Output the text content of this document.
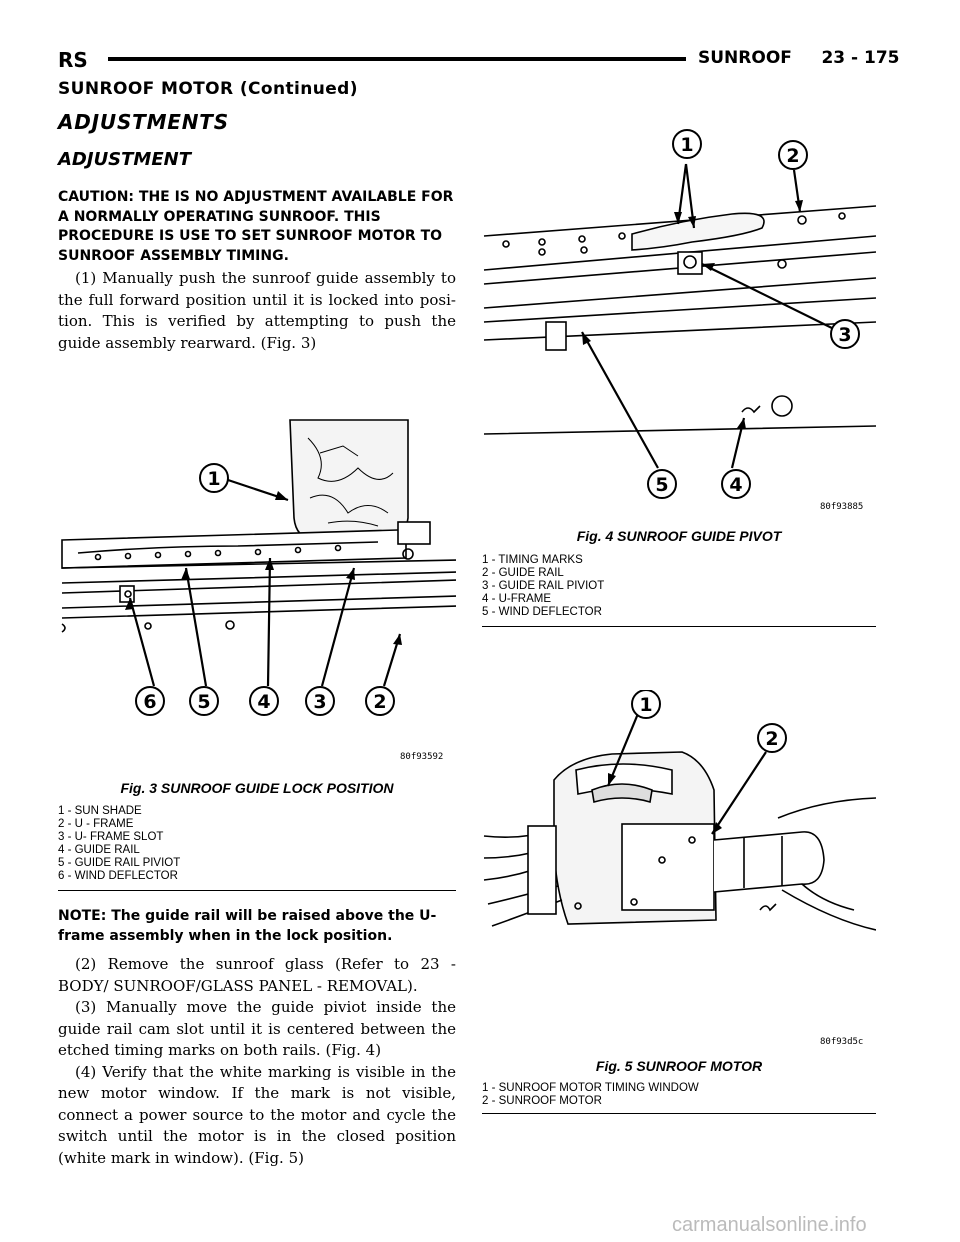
RS	SUNROOF     23 - 175
SUNROOF MOTOR (Continued)
ADJUSTMENTS
ADJUSTMENT
CAUTION: THE IS NO ADJUSTMENT AVAILABLE FOR A NORMALLY OPERATING SUNROOF. THIS PROCEDURE IS USE TO SET SUNROOF MOTOR TO SUNROOF ASSEMBLY TIMING.

(1) Manually push the sunroof guide assembly to the full forward position until it is locked into posi-tion. This is verified by attempting to push the guide assembly rearward. (Fig. 3)

1
2
3
4
5
6
80f93592
Fig. 3 SUNROOF GUIDE LOCK POSITION
1 - SUN SHADE
2 - U - FRAME
3 - U- FRAME SLOT
4 - GUIDE RAIL
5 - GUIDE RAIL PIVIOT
6 - WIND DEFLECTOR
NOTE: The guide rail will be raised above the U-frame assembly when in the lock position.

(2) Remove the sunroof glass (Refer to 23 - BODY/ SUNROOF/GLASS PANEL - REMOVAL).

(3) Manually move the guide piviot inside the guide rail cam slot until it is centered between the etched timing marks on both rails. (Fig. 4)

(4) Verify that the white marking is visible in the new motor window. If the mark is not visible, connect a power source to the motor and cycle the switch until the motor is in the closed position (white mark in window). (Fig. 5)

1	2
3
4
5
80f93885
Fig. 4 SUNROOF GUIDE PIVOT
1 - TIMING MARKS
2 - GUIDE RAIL
3 - GUIDE RAIL PIVIOT
4 - U-FRAME
5 - WIND DEFLECTOR
1
2
80f93d5c
Fig. 5 SUNROOF MOTOR
1 - SUNROOF MOTOR TIMING WINDOW
2 - SUNROOF MOTOR
carmanualsonline.info
